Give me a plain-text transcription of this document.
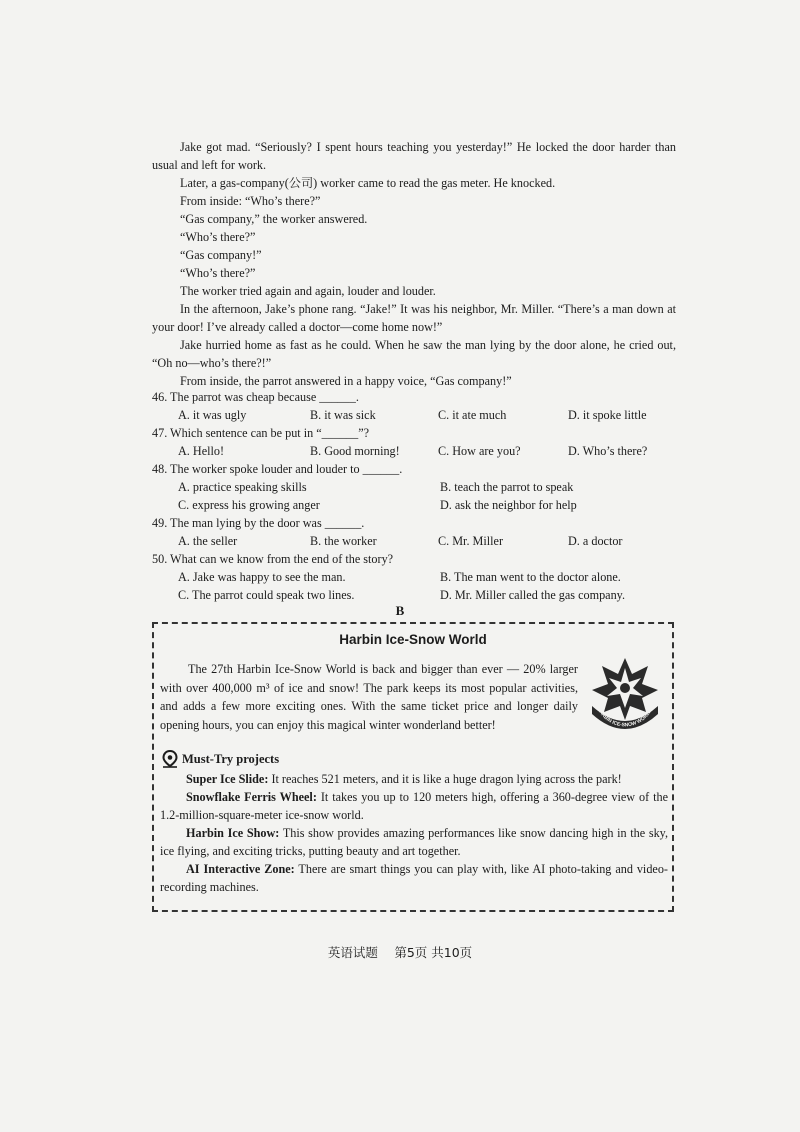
Jake got mad. “Seriously? I spent hours teaching you yesterday!” He locked the door harder than usual and left for work.

Later, a gas-company(公司) worker came to read the gas meter. He knocked.

From inside: “Who’s there?”

“Gas company,” the worker answered.

“Who’s there?”

“Gas company!”

“Who’s there?”

The worker tried again and again, louder and louder.

In the afternoon, Jake’s phone rang. “Jake!” It was his neighbor, Mr. Miller. “There’s a man down at your door! I’ve already called a doctor—come home now!”

Jake hurried home as fast as he could. When he saw the man lying by the door alone, he cried out, “Oh no—who’s there?!”

From inside, the parrot answered in a happy voice, “Gas company!”

46. The parrot was cheap because ______.

A. it was ugly	B. it was sick	C. it ate much	D. it spoke little

47. Which sentence can be put in “______”?

A. Hello!	B. Good morning!	C. How are you?	D. Who’s there?

48. The worker spoke louder and louder to ______.

A. practice speaking skills	B. teach the parrot to speak
C. express his growing anger	D. ask the neighbor for help

49. The man lying by the door was ______.

A. the seller	B. the worker	C. Mr. Miller	D. a doctor

50. What can we know from the end of the story?

A. Jake was happy to see the man.	B. The man went to the doctor alone.
C. The parrot could speak two lines.	D. Mr. Miller called the gas company.
B
Harbin Ice-Snow World

The 27th Harbin Ice-Snow World is back and bigger than ever — 20% larger with over 400,000 m³ of ice and snow! The park keeps its most popular activities, and adds a few more exciting ones. With the same ticket price and longer daily opening hours, you can enjoy this magical winter wonderland better!

HARBIN ICE-SNOW WORLD
Must-Try projects

Super Ice Slide: It reaches 521 meters, and it is like a huge dragon lying across the park!

Snowflake Ferris Wheel: It takes you up to 120 meters high, offering a 360-degree view of the 1.2-million-square-meter ice-snow world.

Harbin Ice Show: This show provides amazing performances like snow dancing high in the sky, ice flying, and exciting tricks, putting beauty and art together.

AI Interactive Zone: There are smart things you can play with, like AI photo-taking and video-recording machines.

英语试题　 第5页 共10页
